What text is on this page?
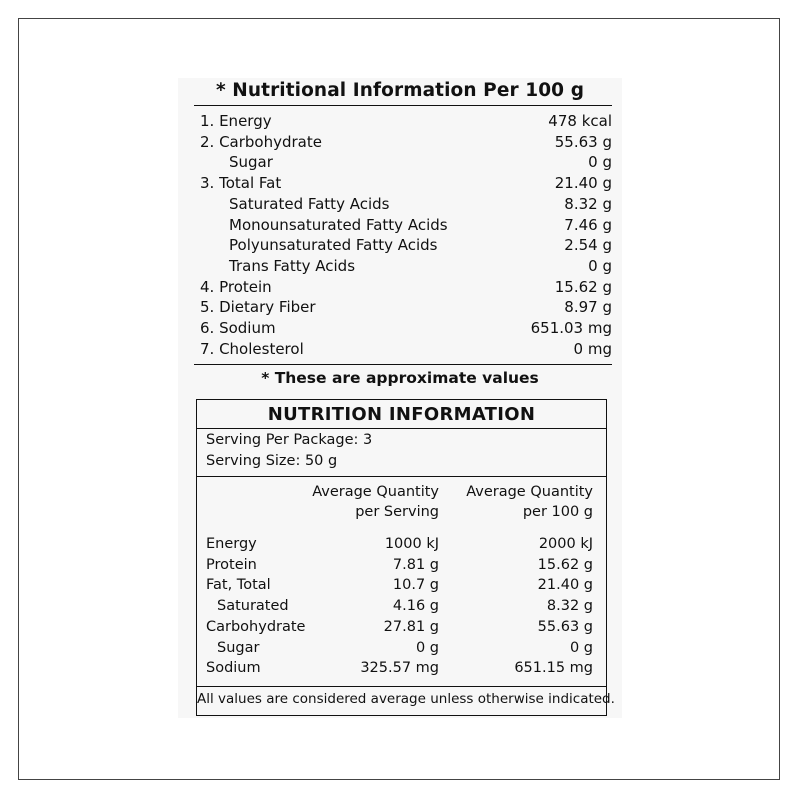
* Nutritional Information Per 100 g
1. Energy	478 kcal
2. Carbohydrate	55.63 g
Sugar	0 g
3. Total Fat	21.40 g
Saturated Fatty Acids	8.32 g
Monounsaturated Fatty Acids	7.46 g
Polyunsaturated Fatty Acids	2.54 g
Trans Fatty Acids	0 g
4. Protein	15.62 g
5. Dietary Fiber	8.97 g
6. Sodium	651.03 mg
7. Cholesterol	0 mg
* These are approximate values
NUTRITION INFORMATION
Serving Per Package: 3
Serving Size: 50 g
Average Quantity
per Serving
Average Quantity
per 100 g
Energy	1000 kJ	2000 kJ
Protein	7.81 g	15.62 g
Fat, Total	10.7 g	21.40 g
Saturated	4.16 g	8.32 g
Carbohydrate	27.81 g	55.63 g
Sugar	0 g	0 g
Sodium	325.57 mg	651.15 mg
All values are considered average unless otherwise indicated.
